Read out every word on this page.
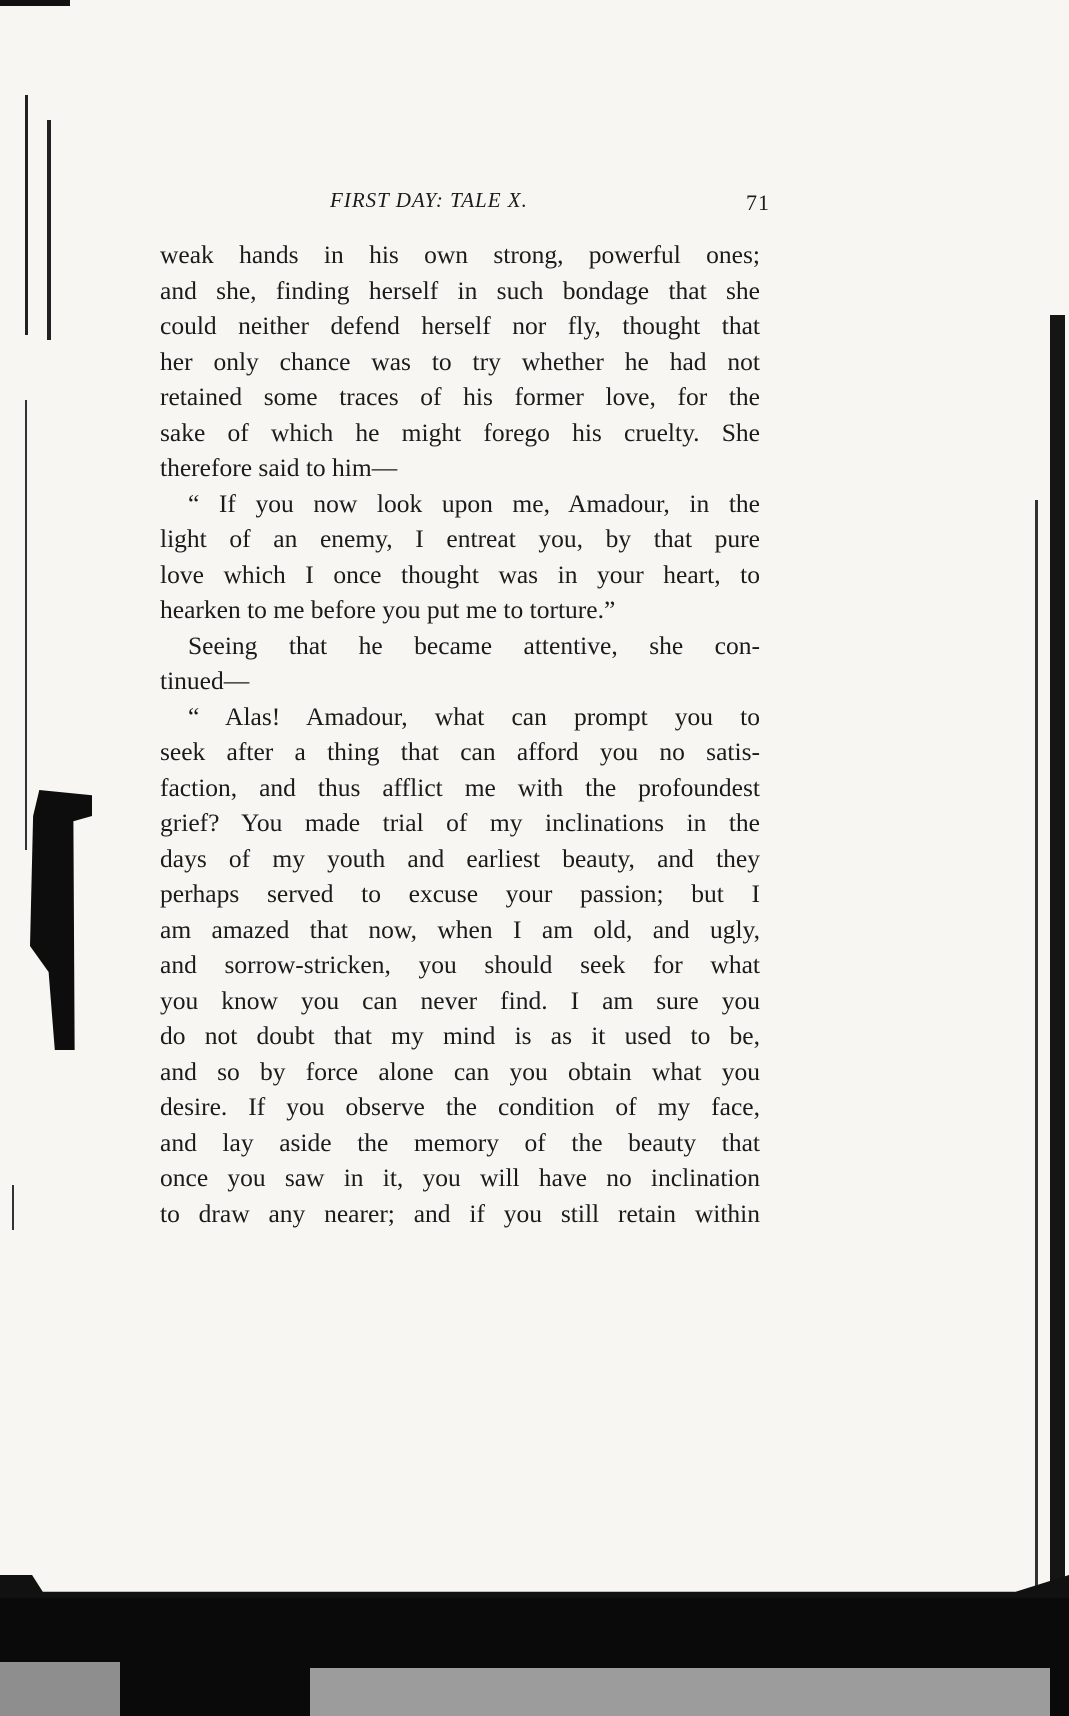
FIRST DAY: TALE X.	71
weak hands in his own strong, powerful ones;
and she, finding herself in such bondage that she
could neither defend herself nor fly, thought that
her only chance was to try whether he had not
retained some traces of his former love, for the
sake of which he might forego his cruelty. She
therefore said to him—
“ If you now look upon me, Amadour, in the
light of an enemy, I entreat you, by that pure
love which I once thought was in your heart, to
hearken to me before you put me to torture.”
Seeing that he became attentive, she con-
tinued—
“ Alas! Amadour, what can prompt you to
seek after a thing that can afford you no satis-
faction, and thus afflict me with the profoundest
grief? You made trial of my inclinations in the
days of my youth and earliest beauty, and they
perhaps served to excuse your passion; but I
am amazed that now, when I am old, and ugly,
and sorrow-stricken, you should seek for what
you know you can never find. I am sure you
do not doubt that my mind is as it used to be,
and so by force alone can you obtain what you
desire. If you observe the condition of my face,
and lay aside the memory of the beauty that
once you saw in it, you will have no inclination
to draw any nearer; and if you still retain within
